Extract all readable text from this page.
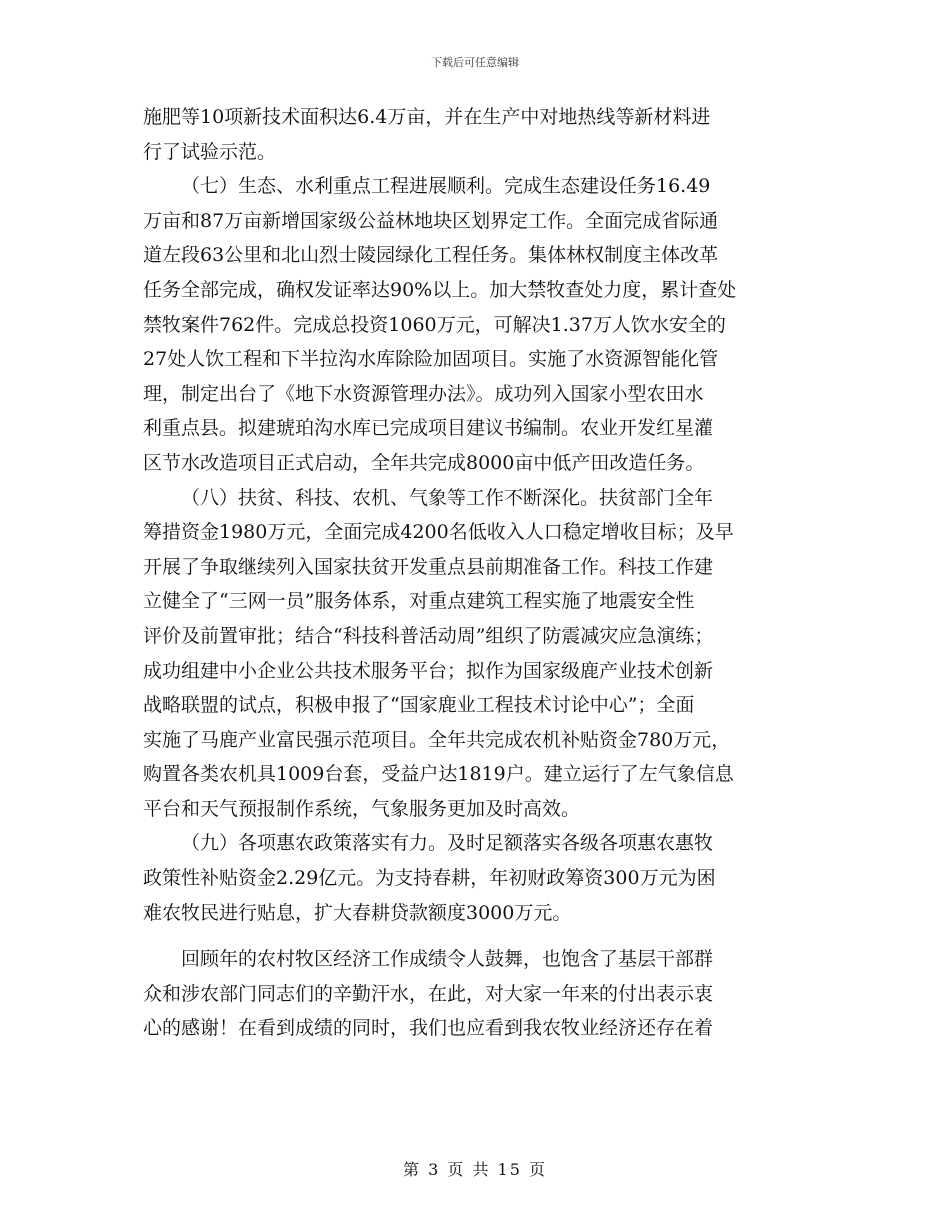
下载后可任意编辑
施肥等10项新技术面积达6.4万亩，并在生产中对地热线等新材料进
行了试验示范。
（七）生态、水利重点工程进展顺利。完成生态建设任务16.49
万亩和87万亩新增国家级公益林地块区划界定工作。全面完成省际通
道左段63公里和北山烈士陵园绿化工程任务。集体林权制度主体改革
任务全部完成，确权发证率达90%以上。加大禁牧查处力度，累计查处
禁牧案件762件。完成总投资1060万元，可解决1.37万人饮水安全的
27处人饮工程和下半拉沟水库除险加固项目。实施了水资源智能化管
理，制定出台了《地下水资源管理办法》。成功列入国家小型农田水
利重点县。拟建琥珀沟水库已完成项目建议书编制。农业开发红星灌
区节水改造项目正式启动，全年共完成8000亩中低产田改造任务。
（八）扶贫、科技、农机、气象等工作不断深化。扶贫部门全年
筹措资金1980万元，全面完成4200名低收入人口稳定增收目标；及早
开展了争取继续列入国家扶贫开发重点县前期准备工作。科技工作建
立健全了“三网一员”服务体系，对重点建筑工程实施了地震安全性
评价及前置审批；结合“科技科普活动周”组织了防震减灾应急演练；
成功组建中小企业公共技术服务平台；拟作为国家级鹿产业技术创新
战略联盟的试点，积极申报了“国家鹿业工程技术讨论中心”；全面
实施了马鹿产业富民强示范项目。全年共完成农机补贴资金780万元，
购置各类农机具1009台套，受益户达1819户。建立运行了左气象信息
平台和天气预报制作系统，气象服务更加及时高效。
（九）各项惠农政策落实有力。及时足额落实各级各项惠农惠牧
政策性补贴资金2.29亿元。为支持春耕，年初财政筹资300万元为困
难农牧民进行贴息，扩大春耕贷款额度3000万元。
回顾年的农村牧区经济工作成绩令人鼓舞，也饱含了基层干部群
众和涉农部门同志们的辛勤汗水，在此，对大家一年来的付出表示衷
心的感谢！在看到成绩的同时，我们也应看到我农牧业经济还存在着
第 3 页 共 15 页
